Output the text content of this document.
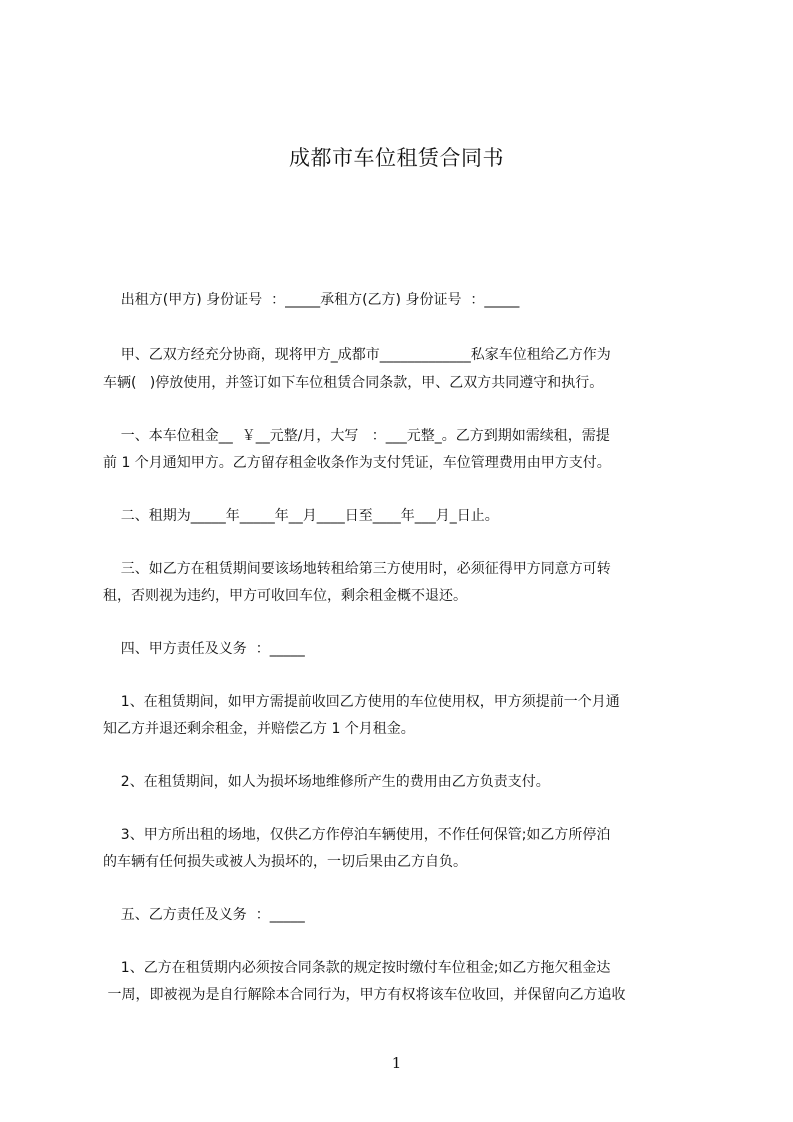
成都市车位租赁合同书
出租方(甲方) 身份证号  ：_____承租方(乙方) 身份证号  ：_____
甲、乙双方经充分协商，现将甲方_成都市_____________私家车位租给乙方作为
车辆(   )停放使用，并签订如下车位租赁合同条款，甲、乙双方共同遵守和执行。
一、本车位租金__  ￥__元整/月，大写   ：___元整_。乙方到期如需续租，需提
前 1 个月通知甲方。乙方留存租金收条作为支付凭证，车位管理费用由甲方支付。
二、租期为_____年_____年__月____日至____年___月_日止。
三、如乙方在租赁期间要该场地转租给第三方使用时，必须征得甲方同意方可转
租，否则视为违约，甲方可收回车位，剩余租金概不退还。
四、甲方责任及义务  ：_____
1、在租赁期间，如甲方需提前收回乙方使用的车位使用权，甲方须提前一个月通
知乙方并退还剩余租金，并赔偿乙方 1 个月租金。
2、在租赁期间，如人为损坏场地维修所产生的费用由乙方负责支付。
3、甲方所出租的场地，仅供乙方作停泊车辆使用，不作任何保管;如乙方所停泊
的车辆有任何损失或被人为损坏的，一切后果由乙方自负。
五、乙方责任及义务  ：_____
1、乙方在租赁期内必须按合同条款的规定按时缴付车位租金;如乙方拖欠租金达
一周，即被视为是自行解除本合同行为，甲方有权将该车位收回，并保留向乙方追收
1
